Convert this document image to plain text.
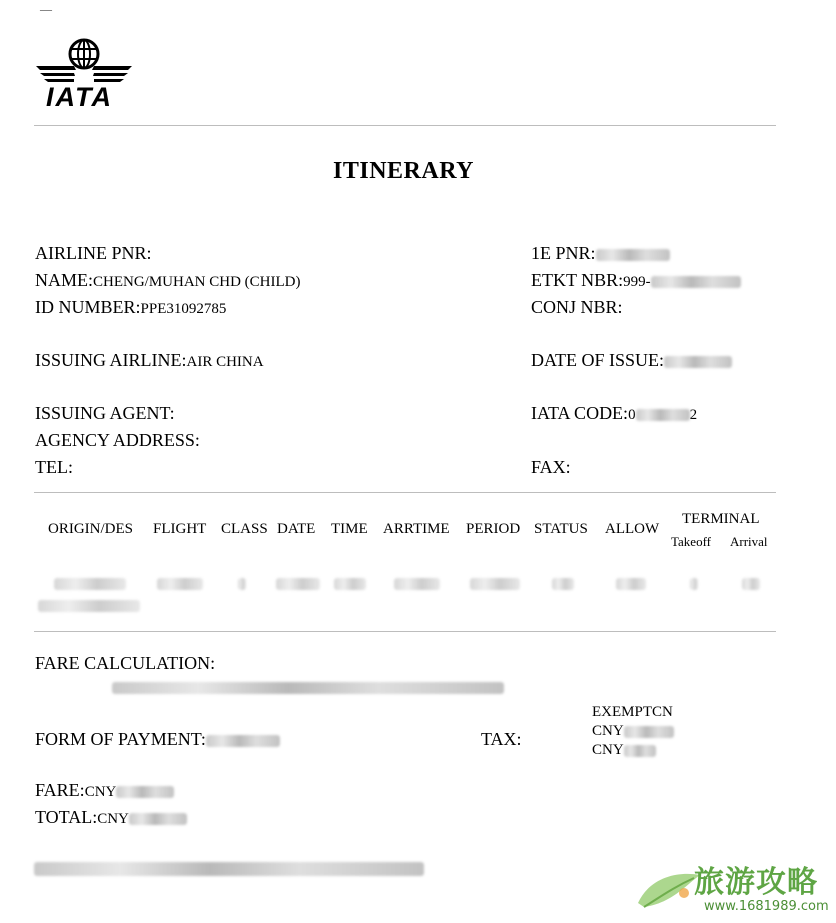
––
IATA
ITINERARY
AIRLINE PNR:
NAME:CHENG/MUHAN CHD (CHILD)
ID NUMBER:PPE31092785
1E PNR:
ETKT NBR:999-
CONJ NBR:
ISSUING AIRLINE:AIR CHINA	DATE OF ISSUE:
ISSUING AGENT:	IATA CODE:0	2
AGENCY ADDRESS:
TEL:	FAX:
ORIGIN/DES FLIGHT CLASS DATE TIME ARRTIME PERIOD STATUS ALLOW
TERMINAL
Takeoff Arrival
FARE CALCULATION:
FORM OF PAYMENT:	TAX:
EXEMPTCN
CNY
CNY
FARE:CNY
TOTAL:CNY
旅游攻略
www.1681989.com
